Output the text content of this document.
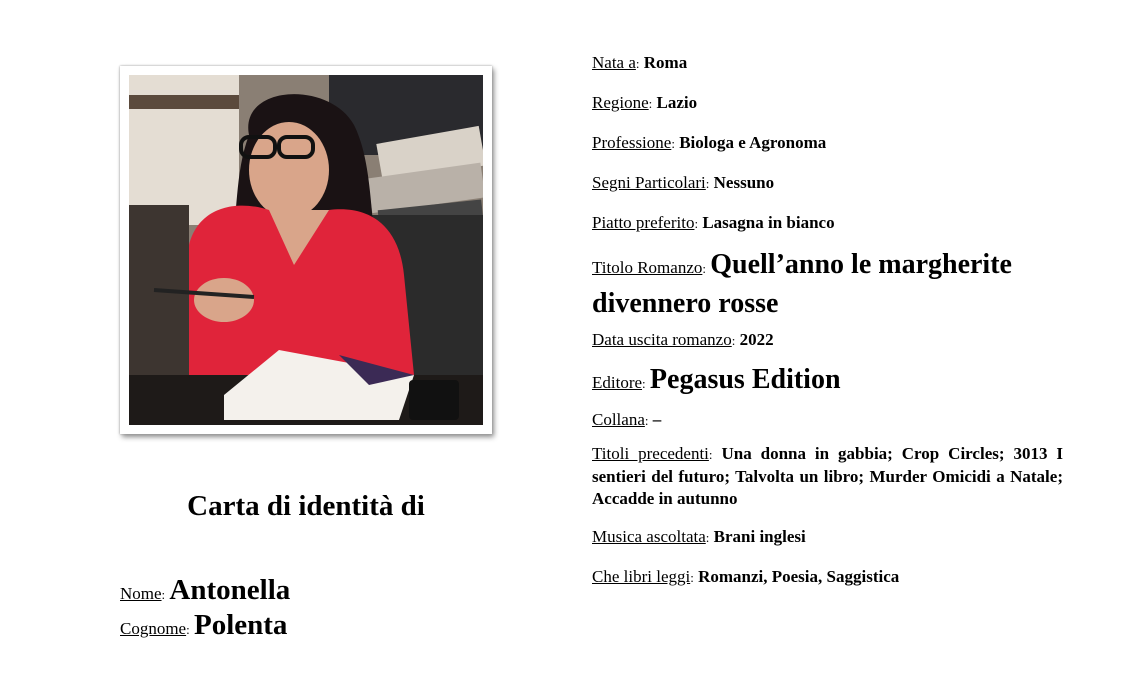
Carta di identità di
Nome: Antonella
Cognome: Polenta

Nata a: Roma

Regione: Lazio

Professione: Biologa e Agronoma

Segni Particolari: Nessuno

Piatto preferito: Lasagna in bianco

Titolo Romanzo: Quell’anno le margherite divennero rosse

Data uscita romanzo: 2022

Editore: Pegasus Edition

Collana: –

Titoli precedenti: Una donna in gabbia; Crop Circles; 3013 I sentieri del futuro; Talvolta un libro; Murder Omicidi a Natale; Accadde in autunno

Musica ascoltata: Brani inglesi

Che libri leggi: Romanzi, Poesia, Saggistica
